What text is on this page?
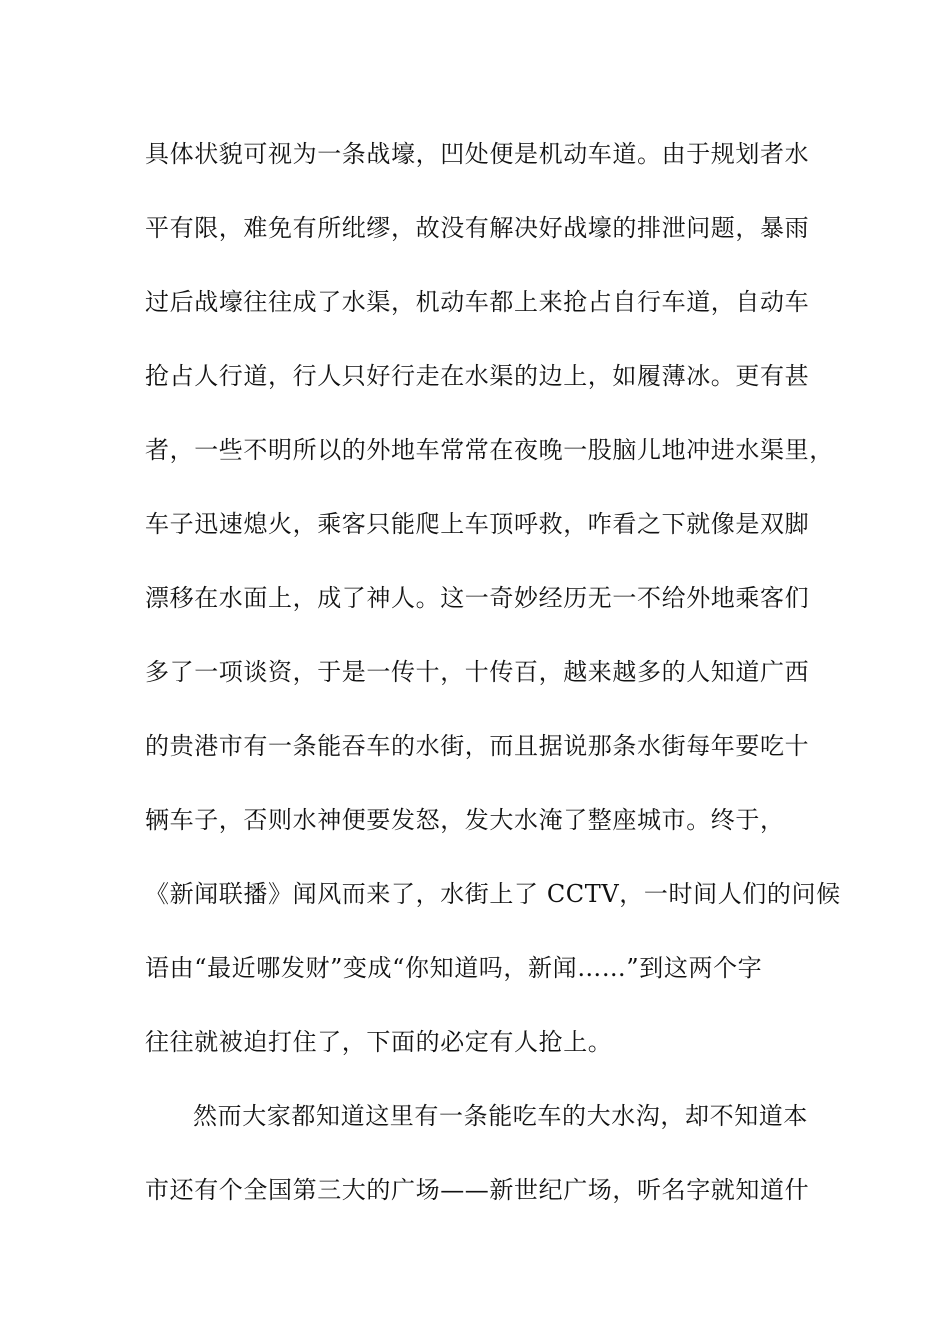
具体状貌可视为一条战壕，凹处便是机动车道。由于规划者水
平有限，难免有所纰缪，故没有解决好战壕的排泄问题，暴雨
过后战壕往往成了水渠，机动车都上来抢占自行车道，自动车
抢占人行道，行人只好行走在水渠的边上，如履薄冰。更有甚
者，一些不明所以的外地车常常在夜晚一股脑儿地冲进水渠里，
车子迅速熄火，乘客只能爬上车顶呼救，咋看之下就像是双脚
漂移在水面上，成了神人。这一奇妙经历无一不给外地乘客们
多了一项谈资，于是一传十，十传百，越来越多的人知道广西
的贵港市有一条能吞车的水街，而且据说那条水街每年要吃十
辆车子，否则水神便要发怒，发大水淹了整座城市。终于，
《新闻联播》闻风而来了，水街上了 CCTV，一时间人们的问候
语由“最近哪发财”变成“你知道吗，新闻……”到这两个字
往往就被迫打住了，下面的必定有人抢上。
然而大家都知道这里有一条能吃车的大水沟，却不知道本
市还有个全国第三大的广场——新世纪广场，听名字就知道什
